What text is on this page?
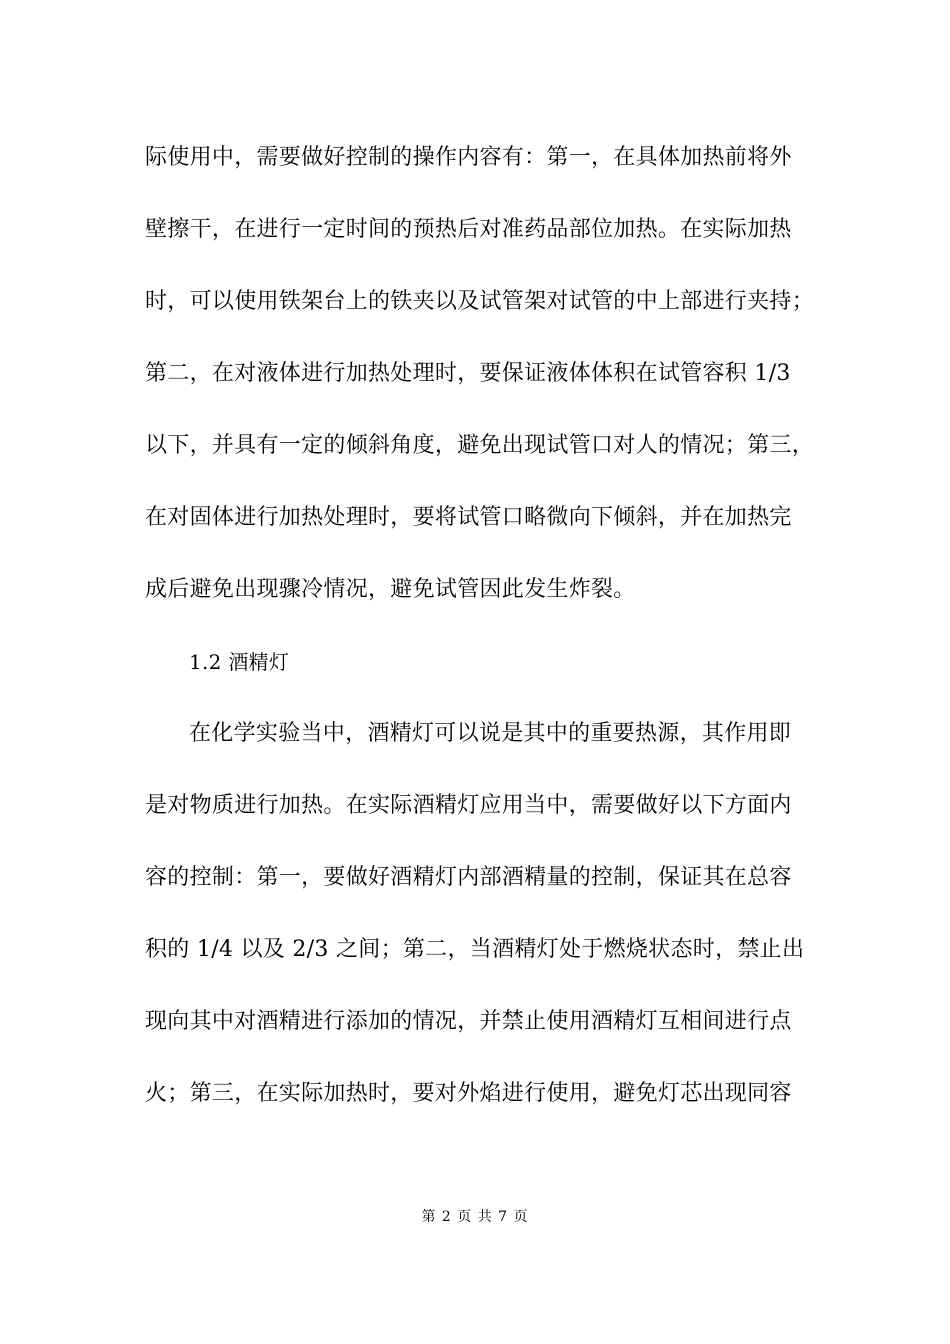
际使用中，需要做好控制的操作内容有：第一，在具体加热前将外
壁擦干，在进行一定时间的预热后对准药品部位加热。在实际加热
时，可以使用铁架台上的铁夹以及试管架对试管的中上部进行夹持；
第二，在对液体进行加热处理时，要保证液体体积在试管容积 1/3
以下，并具有一定的倾斜角度，避免出现试管口对人的情况；第三，
在对固体进行加热处理时，要将试管口略微向下倾斜，并在加热完
成后避免出现骤冷情况，避免试管因此发生炸裂。
1.2 酒精灯
在化学实验当中，酒精灯可以说是其中的重要热源，其作用即
是对物质进行加热。在实际酒精灯应用当中，需要做好以下方面内
容的控制：第一，要做好酒精灯内部酒精量的控制，保证其在总容
积的 1/4 以及 2/3 之间；第二，当酒精灯处于燃烧状态时，禁止出
现向其中对酒精进行添加的情况，并禁止使用酒精灯互相间进行点
火；第三，在实际加热时，要对外焰进行使用，避免灯芯出现同容
第 2 页 共 7 页
